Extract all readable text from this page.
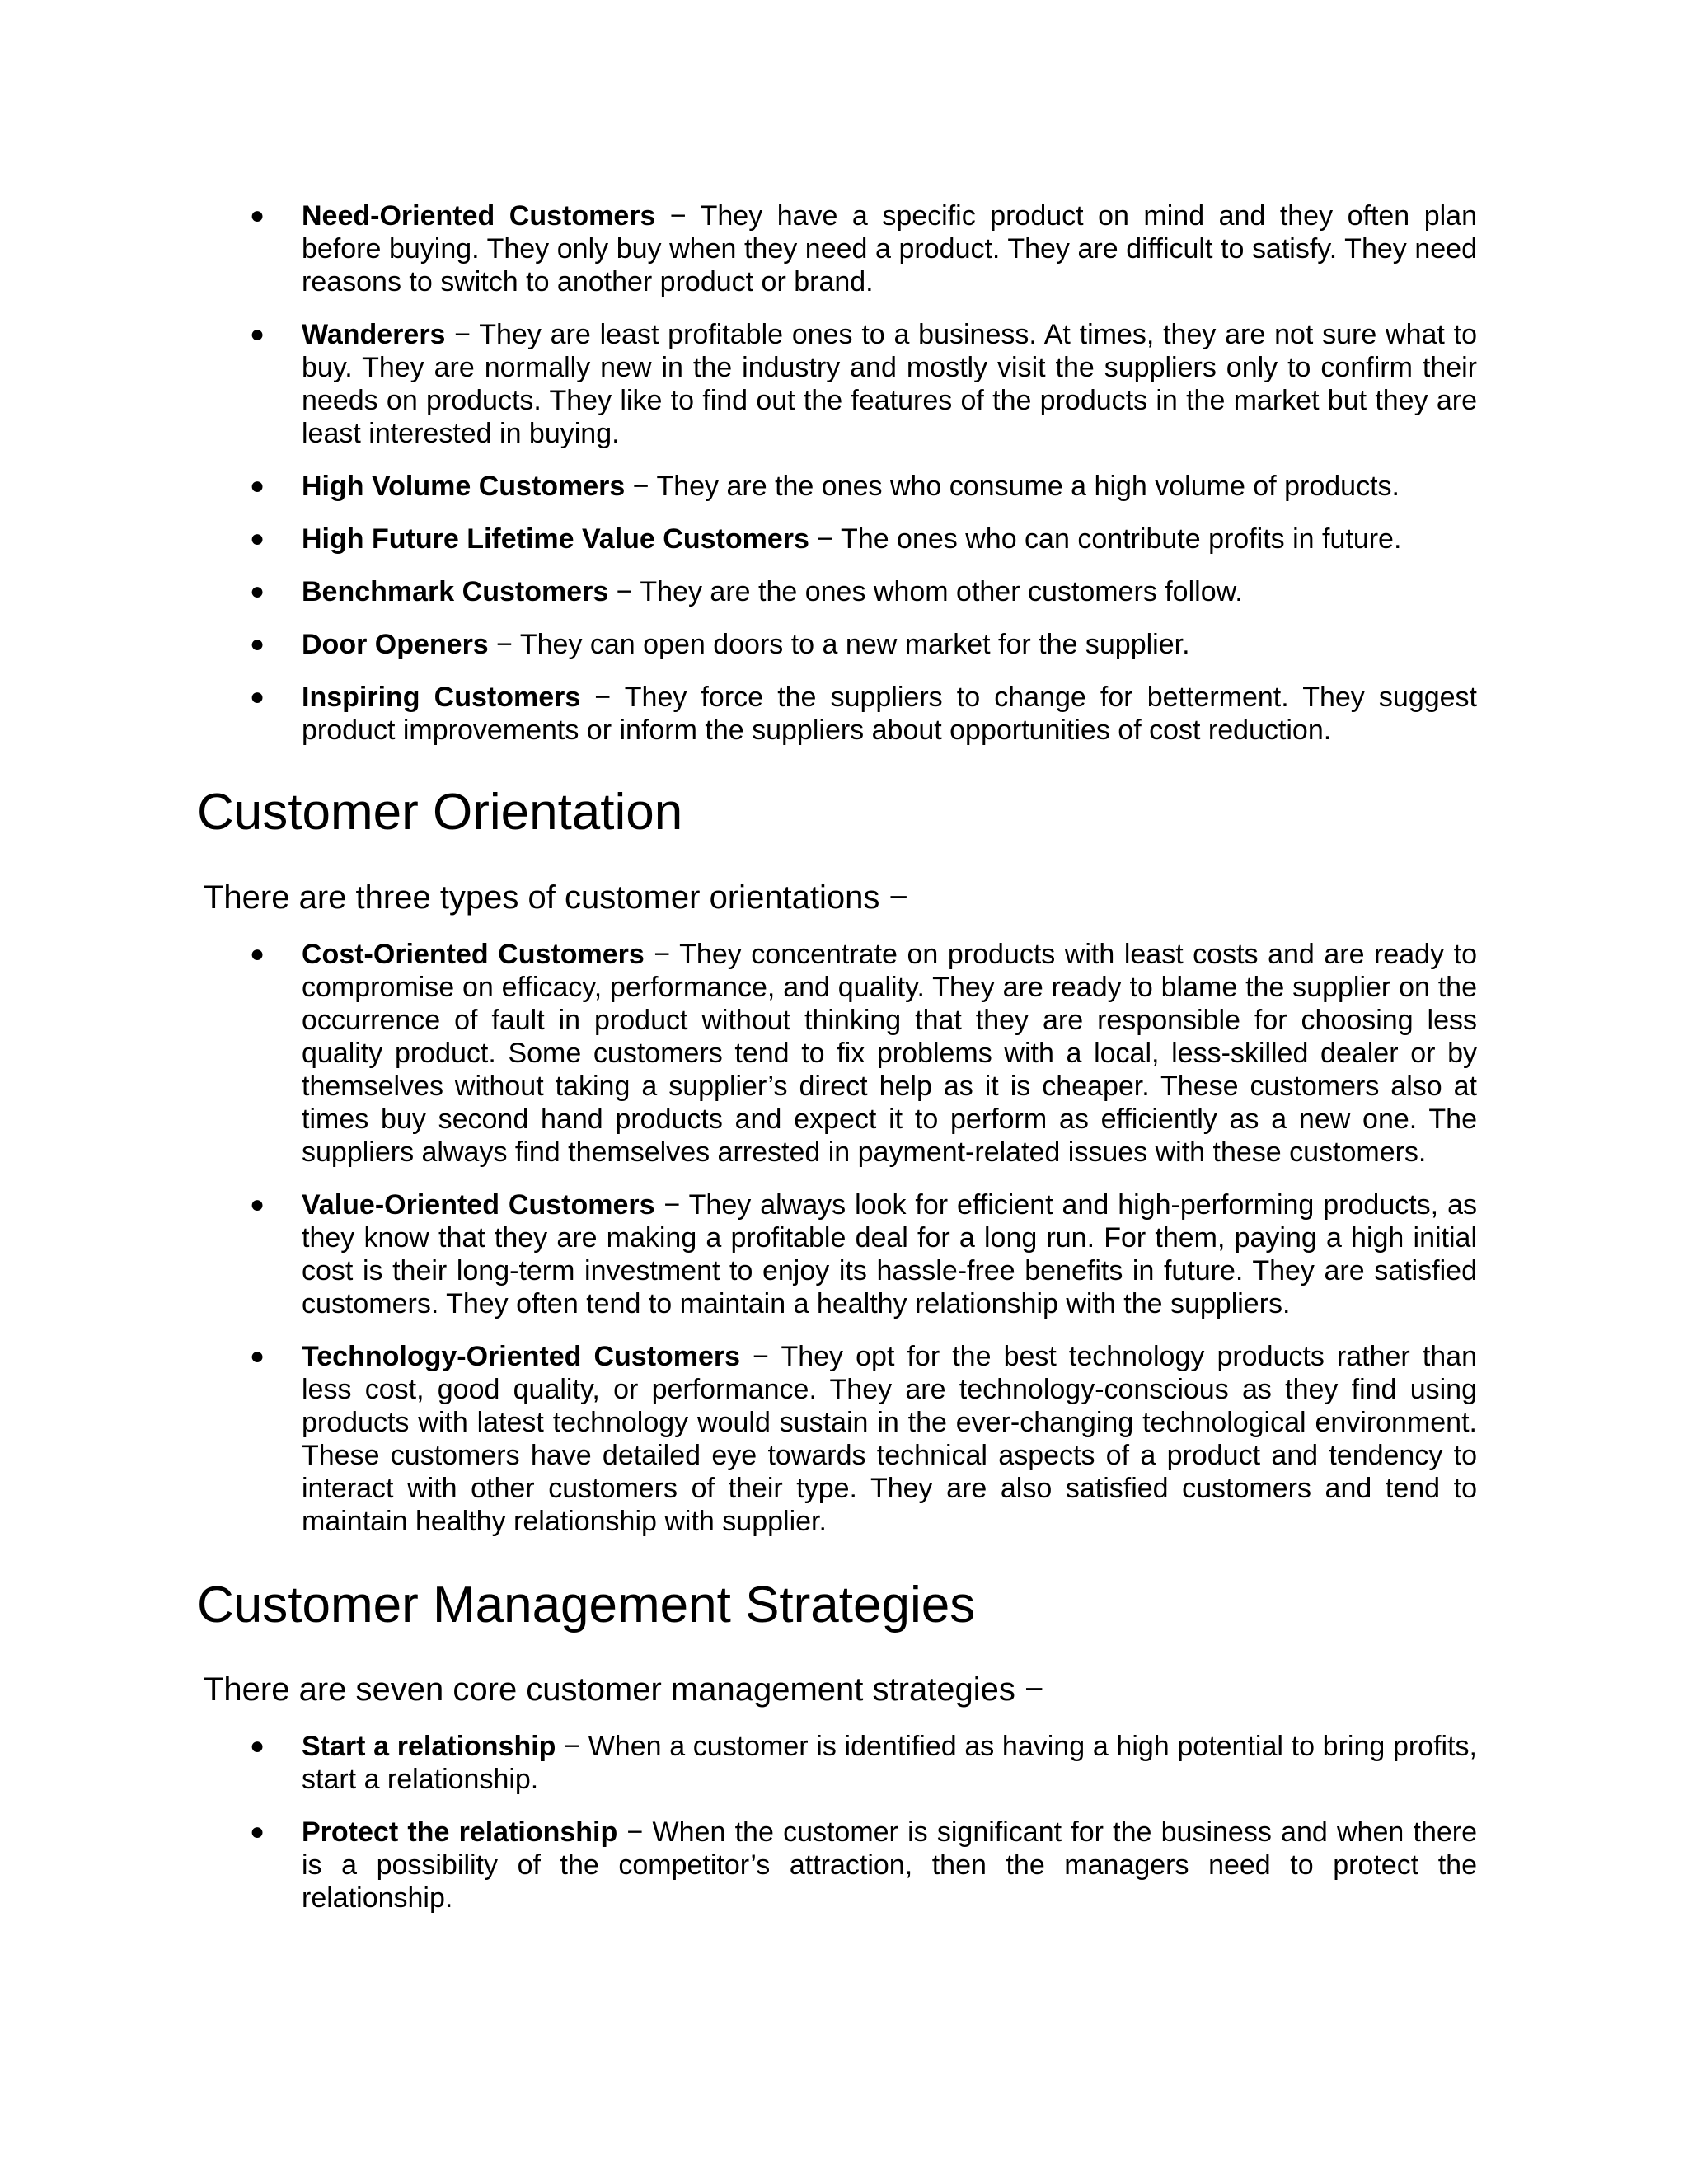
● Need-Oriented Customers − They have a specific product on mind and they often plan before buying. They only buy when they need a product. They are difficult to satisfy. They need reasons to switch to another product or brand.
● Wanderers − They are least profitable ones to a business. At times, they are not sure what to buy. They are normally new in the industry and mostly visit the suppliers only to confirm their needs on products. They like to find out the features of the products in the market but they are least interested in buying.
● High Volume Customers − They are the ones who consume a high volume of products.
● High Future Lifetime Value Customers − The ones who can contribute profits in future.
● Benchmark Customers − They are the ones whom other customers follow.
● Door Openers − They can open doors to a new market for the supplier.
● Inspiring Customers − They force the suppliers to change for betterment. They suggest product improvements or inform the suppliers about opportunities of cost reduction.
Customer Orientation

There are three types of customer orientations −

● Cost-Oriented Customers − They concentrate on products with least costs and are ready to compromise on efficacy, performance, and quality. They are ready to blame the supplier on the occurrence of fault in product without thinking that they are responsible for choosing less quality product. Some customers tend to fix problems with a local, less-skilled dealer or by themselves without taking a supplier’s direct help as it is cheaper. These customers also at times buy second hand products and expect it to perform as efficiently as a new one. The suppliers always find themselves arrested in payment-related issues with these customers.
● Value-Oriented Customers − They always look for efficient and high-performing products, as they know that they are making a profitable deal for a long run. For them, paying a high initial cost is their long-term investment to enjoy its hassle-free benefits in future. They are satisfied customers. They often tend to maintain a healthy relationship with the suppliers.
● Technology-Oriented Customers − They opt for the best technology products rather than less cost, good quality, or performance. They are technology-conscious as they find using products with latest technology would sustain in the ever-changing technological environment. These customers have detailed eye towards technical aspects of a product and tendency to interact with other customers of their type. They are also satisfied customers and tend to maintain healthy relationship with supplier.
Customer Management Strategies

There are seven core customer management strategies −

● Start a relationship − When a customer is identified as having a high potential to bring profits, start a relationship.
● Protect the relationship − When the customer is significant for the business and when there is a possibility of the competitor’s attraction, then the managers need to protect the relationship.
